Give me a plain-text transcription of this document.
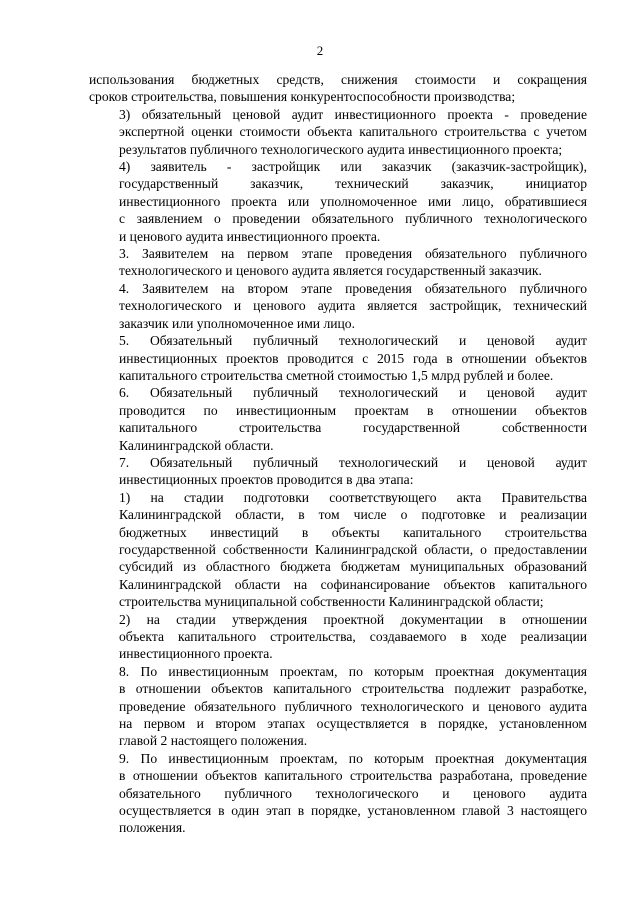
2

использования бюджетных средств, снижения стоимости и сокращения
сроков строительства, повышения конкурентоспособности производства;

3) обязательный ценовой аудит инвестиционного проекта - проведение
экспертной оценки стоимости объекта капитального строительства с учетом
результатов публичного технологического аудита инвестиционного проекта;

4) заявитель - застройщик или заказчик (заказчик-застройщик),
государственный заказчик, технический заказчик, инициатор
инвестиционного проекта или уполномоченное ими лицо, обратившиеся
с заявлением о проведении обязательного публичного технологического
и ценового аудита инвестиционного проекта.

3. Заявителем на первом этапе проведения обязательного публичного
технологического и ценового аудита является государственный заказчик.

4. Заявителем на втором этапе проведения обязательного публичного
технологического и ценового аудита является застройщик, технический
заказчик или уполномоченное ими лицо.

5. Обязательный публичный технологический и ценовой аудит
инвестиционных проектов проводится с 2015 года в отношении объектов
капитального строительства сметной стоимостью 1,5 млрд рублей и более.

6. Обязательный публичный технологический и ценовой аудит
проводится по инвестиционным проектам в отношении объектов
капитального строительства государственной собственности
Калининградской области.

7. Обязательный публичный технологический и ценовой аудит
инвестиционных проектов проводится в два этапа:

1) на стадии подготовки соответствующего акта Правительства
Калининградской области, в том числе о подготовке и реализации
бюджетных инвестиций в объекты капитального строительства
государственной собственности Калининградской области, о предоставлении
субсидий из областного бюджета бюджетам муниципальных образований
Калининградской области на софинансирование объектов капитального
строительства муниципальной собственности Калининградской области;

2) на стадии утверждения проектной документации в отношении
объекта капитального строительства, создаваемого в ходе реализации
инвестиционного проекта.

8. По инвестиционным проектам, по которым проектная документация
в отношении объектов капитального строительства подлежит разработке,
проведение обязательного публичного технологического и ценового аудита
на первом и втором этапах осуществляется в порядке, установленном
главой 2 настоящего положения.

9. По инвестиционным проектам, по которым проектная документация
в отношении объектов капитального строительства разработана, проведение
обязательного публичного технологического и ценового аудита
осуществляется в один этап в порядке, установленном главой 3 настоящего
положения.
